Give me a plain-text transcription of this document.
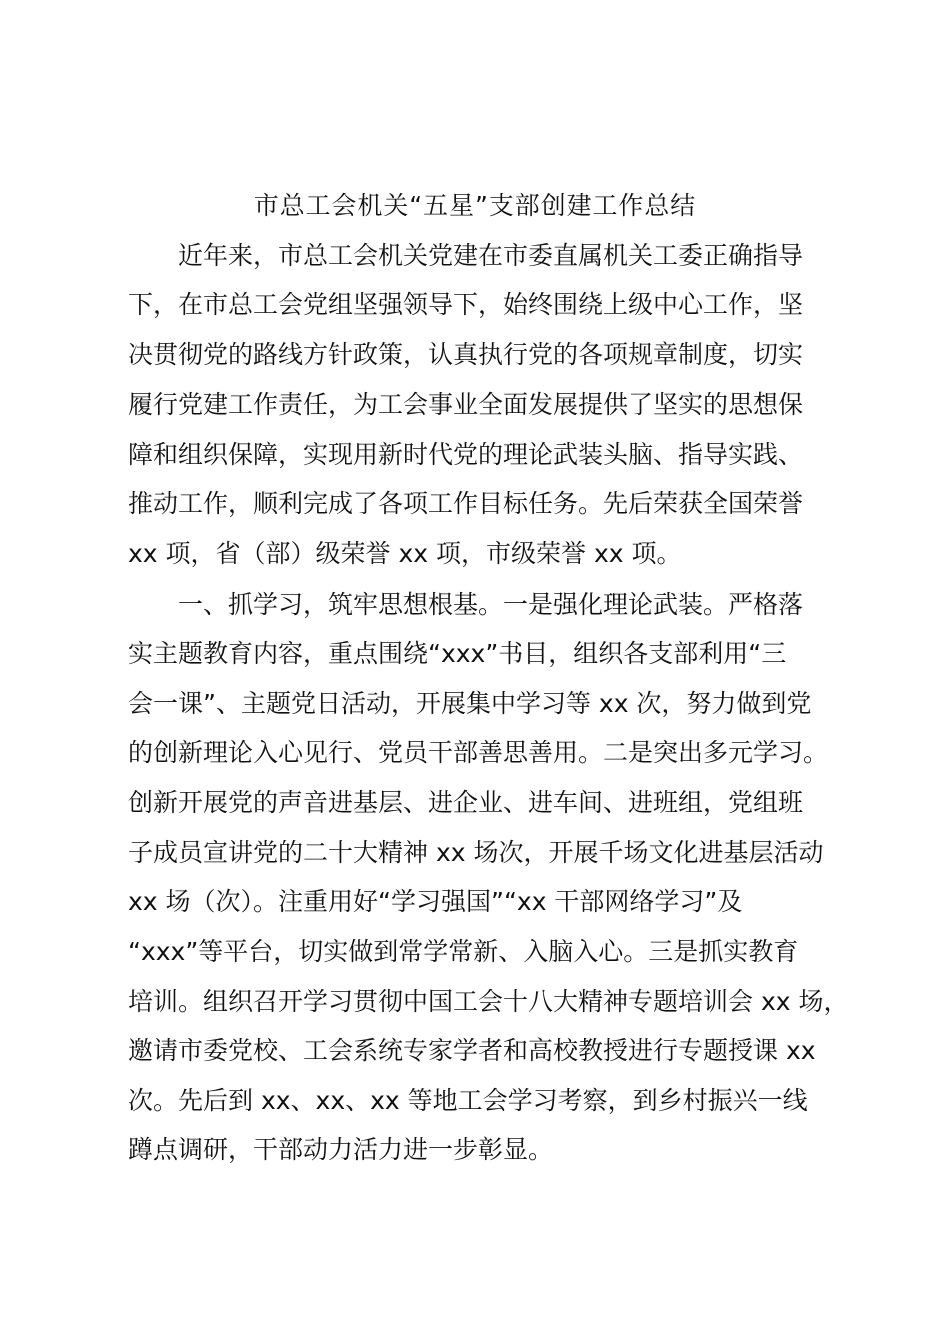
市总工会机关“五星”支部创建工作总结
近年来，市总工会机关党建在市委直属机关工委正确指导
下，在市总工会党组坚强领导下，始终围绕上级中心工作，坚
决贯彻党的路线方针政策，认真执行党的各项规章制度，切实
履行党建工作责任，为工会事业全面发展提供了坚实的思想保
障和组织保障，实现用新时代党的理论武装头脑、指导实践、
推动工作，顺利完成了各项工作目标任务。先后荣获全国荣誉
xx 项，省（部）级荣誉 xx 项，市级荣誉 xx 项。
一、抓学习，筑牢思想根基。一是强化理论武装。严格落
实主题教育内容，重点围绕“xxx”书目，组织各支部利用“三
会一课”、主题党日活动，开展集中学习等 xx 次，努力做到党
的创新理论入心见行、党员干部善思善用。二是突出多元学习。
创新开展党的声音进基层、进企业、进车间、进班组，党组班
子成员宣讲党的二十大精神 xx 场次，开展千场文化进基层活动
xx 场（次）。注重用好“学习强国”“xx 干部网络学习”及
“xxx”等平台，切实做到常学常新、入脑入心。三是抓实教育
培训。组织召开学习贯彻中国工会十八大精神专题培训会 xx 场，
邀请市委党校、工会系统专家学者和高校教授进行专题授课 xx
次。先后到 xx、xx、xx 等地工会学习考察，到乡村振兴一线
蹲点调研，干部动力活力进一步彰显。
